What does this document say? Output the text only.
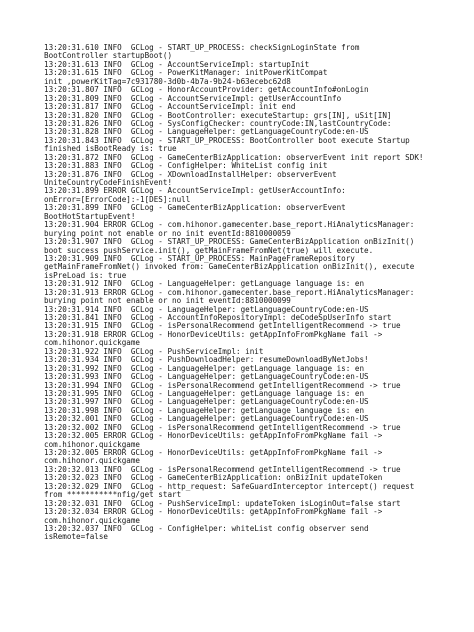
13:20:31.610 INFO  GCLog - START_UP_PROCESS: checkSignLoginState from
BootController startupBoot()
13:20:31.613 INFO  GCLog - AccountServiceImpl: startupInit
13:20:31.615 INFO  GCLog - PowerKitManager: initPowerKitCompat
init ,powerKitTag=7c931780-3d0b-4b7a-9b24-b63ecebc62d8
13:20:31.807 INFO  GCLog - HonorAccountProvider: getAccountInfo#onLogin
13:20:31.809 INFO  GCLog - AccountServiceImpl: getUserAccountInfo
13:20:31.817 INFO  GCLog - AccountServiceImpl: init end
13:20:31.820 INFO  GCLog - BootController: executeStartup: grs[IN], uSit[IN]
13:20:31.826 INFO  GCLog - SysConfigChecker: countryCode:IN,lastCountryCode:
13:20:31.828 INFO  GCLog - LanguageHelper: getLanguageCountryCode:en-US
13:20:31.843 INFO  GCLog - START_UP_PROCESS: BootController boot execute Startup
finished isBootReady is: true
13:20:31.872 INFO  GCLog - GameCenterBizApplication: observerEvent init report SDK!
13:20:31.883 INFO  GCLog - ConfigHelper: WhiteList config init
13:20:31.876 INFO  GCLog - XDownloadInstallHelper: observerEvent
UniteCountryCodeFinishEvent!
13:20:31.899 ERROR GCLog - AccountServiceImpl: getUserAccountInfo:
onError=[ErrorCode]:-1[DES]:null
13:20:31.899 INFO  GCLog - GameCenterBizApplication: observerEvent
BootHotStartupEvent!
13:20:31.904 ERROR GCLog - com.hihonor.gamecenter.base_report.HiAnalyticsManager:
burying point not enable or no init eventId:8810000059
13:20:31.907 INFO  GCLog - START_UP_PROCESS: GameCenterBizApplication onBizInit()
boot success pushService.init(), getMainFrameFromNet(true) will execute.
13:20:31.909 INFO  GCLog - START_UP_PROCESS: MainPageFrameRepository
getMainFrameFromNet() invoked from: GameCenterBizApplication onBizInit(), execute
isPreLoad is: true
13:20:31.912 INFO  GCLog - LanguageHelper: getLanguage language is: en
13:20:31.913 ERROR GCLog - com.hihonor.gamecenter.base_report.HiAnalyticsManager:
burying point not enable or no init eventId:8810000099
13:20:31.914 INFO  GCLog - LanguageHelper: getLanguageCountryCode:en-US
13:20:31.841 INFO  GCLog - AccountInfoRepositoryImpl: deCodeSpUserInfo start
13:20:31.915 INFO  GCLog - isPersonalRecommend getIntelligentRecommend -> true
13:20:31.918 ERROR GCLog - HonorDeviceUtils: getAppInfoFromPkgName fail ->
com.hihonor.quickgame
13:20:31.922 INFO  GCLog - PushServiceImpl: init
13:20:31.934 INFO  GCLog - PushDownloadHelper: resumeDownloadByNetJobs!
13:20:31.992 INFO  GCLog - LanguageHelper: getLanguage language is: en
13:20:31.993 INFO  GCLog - LanguageHelper: getLanguageCountryCode:en-US
13:20:31.994 INFO  GCLog - isPersonalRecommend getIntelligentRecommend -> true
13:20:31.995 INFO  GCLog - LanguageHelper: getLanguage language is: en
13:20:31.997 INFO  GCLog - LanguageHelper: getLanguageCountryCode:en-US
13:20:31.998 INFO  GCLog - LanguageHelper: getLanguage language is: en
13:20:32.001 INFO  GCLog - LanguageHelper: getLanguageCountryCode:en-US
13:20:32.002 INFO  GCLog - isPersonalRecommend getIntelligentRecommend -> true
13:20:32.005 ERROR GCLog - HonorDeviceUtils: getAppInfoFromPkgName fail ->
com.hihonor.quickgame
13:20:32.005 ERROR GCLog - HonorDeviceUtils: getAppInfoFromPkgName fail ->
com.hihonor.quickgame
13:20:32.013 INFO  GCLog - isPersonalRecommend getIntelligentRecommend -> true
13:20:32.023 INFO  GCLog - GameCenterBizApplication: onBizInit updateToken
13:20:32.029 INFO  GCLog - http_request: SafeGuardInterceptor intercept() request
from ***********nfig/get start
13:20:32.031 INFO  GCLog - PushServiceImpl: updateToken isLoginOut=false start
13:20:32.034 ERROR GCLog - HonorDeviceUtils: getAppInfoFromPkgName fail ->
com.hihonor.quickgame
13:20:32.037 INFO  GCLog - ConfigHelper: whiteList config observer send
isRemote=false
